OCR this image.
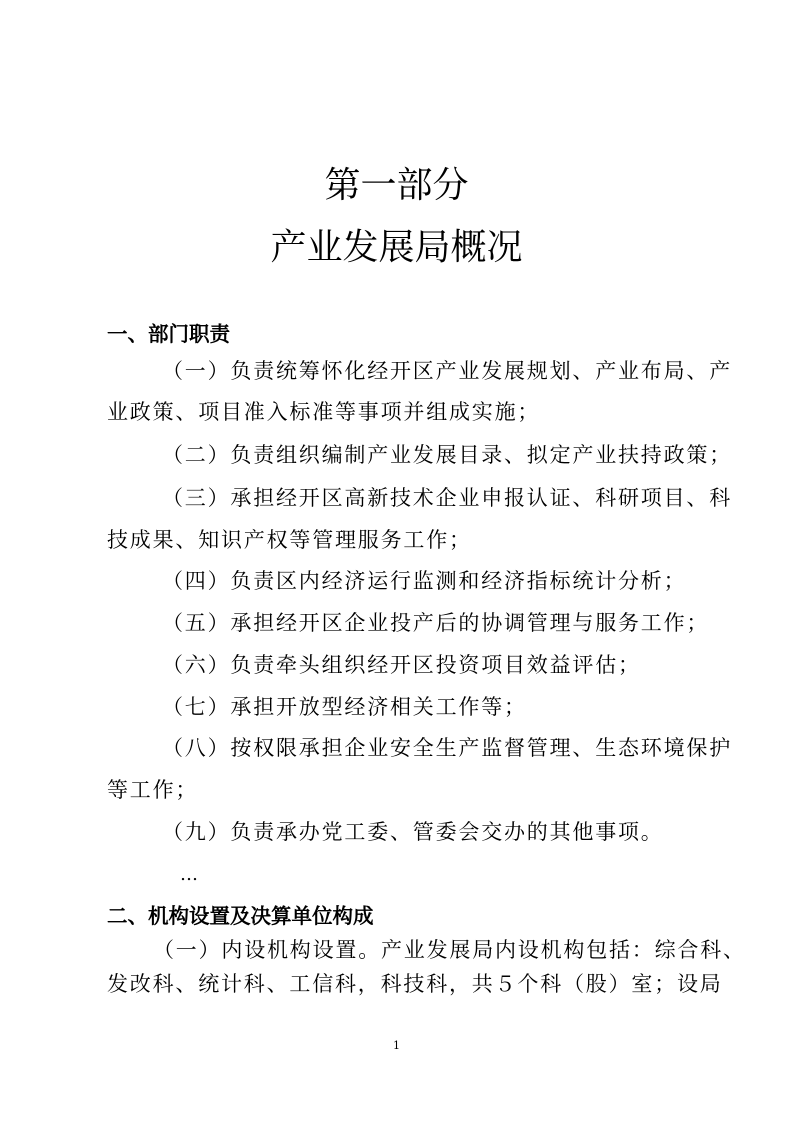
第一部分
产业发展局概况
一、部门职责

（一）负责统筹怀化经开区产业发展规划、产业布局、产

业政策、项目准入标准等事项并组成实施；

（二）负责组织编制产业发展目录、拟定产业扶持政策；

（三）承担经开区高新技术企业申报认证、科研项目、科

技成果、知识产权等管理服务工作；

（四）负责区内经济运行监测和经济指标统计分析；

（五）承担经开区企业投产后的协调管理与服务工作；

（六）负责牵头组织经开区投资项目效益评估；

（七）承担开放型经济相关工作等；

（八）按权限承担企业安全生产监督管理、生态环境保护

等工作；

（九）负责承办党工委、管委会交办的其他事项。

…
二、机构设置及决算单位构成

（一）内设机构设置。产业发展局内设机构包括：综合科、

发改科、统计科、工信科，科技科，共５个科（股）室；设局

1
